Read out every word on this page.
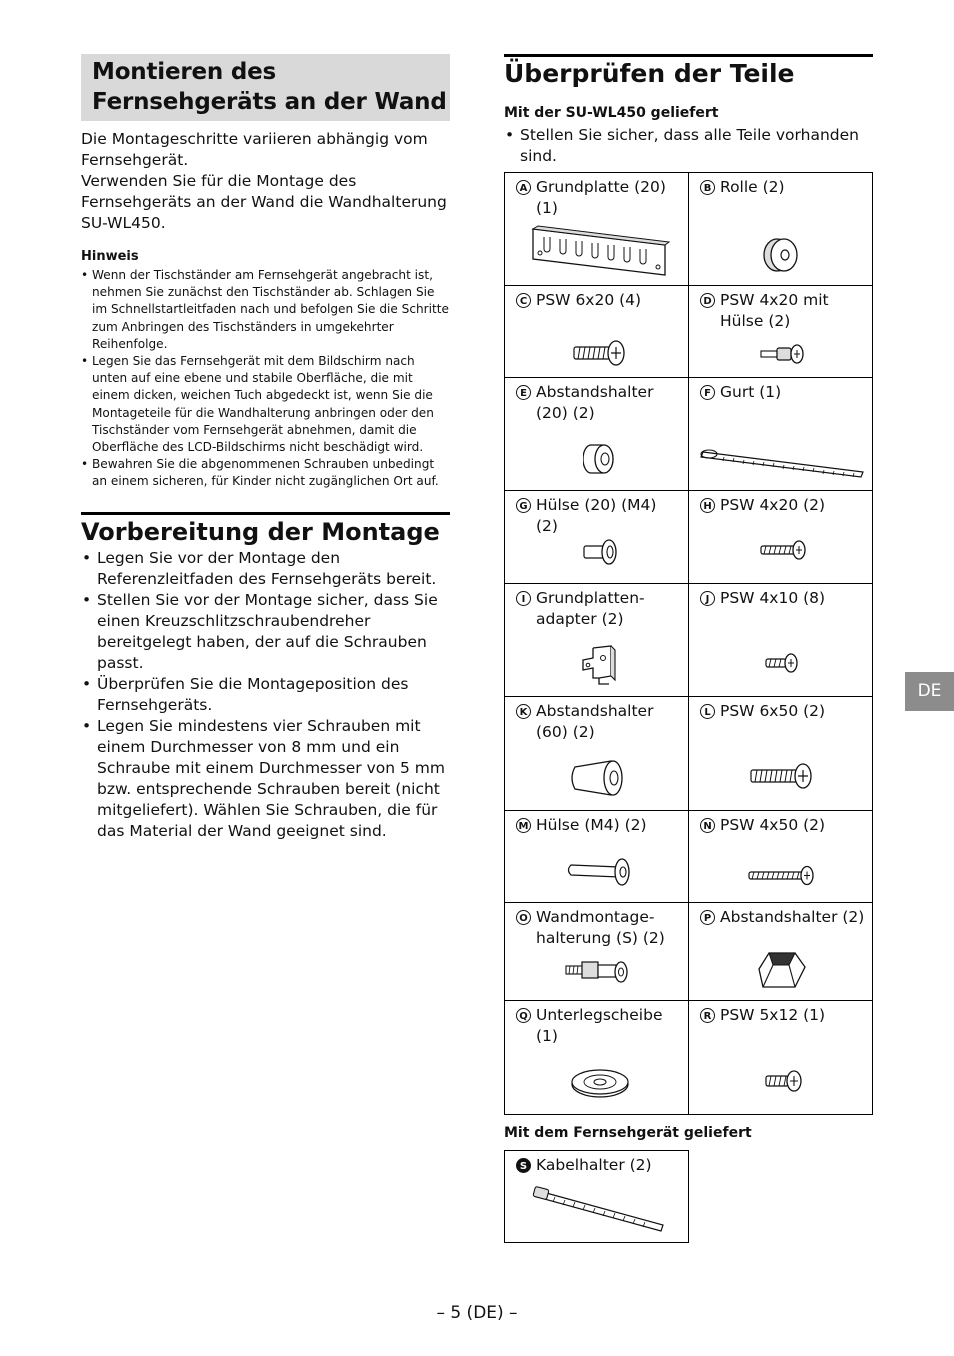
Montieren des Fernsehgeräts an der Wand

Die Montageschritte variieren abhängig vom Fernsehgerät.

Verwenden Sie für die Montage des Fernsehgeräts an der Wand die Wandhalterung SU-WL450.

Hinweis
• Wenn der Tischständer am Fernsehgerät angebracht ist, nehmen Sie zunächst den Tischständer ab. Schlagen Sie im Schnellstartleitfaden nach und befolgen Sie die Schritte zum Anbringen des Tischständers in umgekehrter Reihenfolge.
• Legen Sie das Fernsehgerät mit dem Bildschirm nach unten auf eine ebene und stabile Oberfläche, die mit einem dicken, weichen Tuch abgedeckt ist, wenn Sie die Montageteile für die Wandhalterung anbringen oder den Tischständer vom Fernsehgerät abnehmen, damit die Oberfläche des LCD-Bildschirms nicht beschädigt wird.
• Bewahren Sie die abgenommenen Schrauben unbedingt an einem sicheren, für Kinder nicht zugänglichen Ort auf.
Vorbereitung der Montage
• Legen Sie vor der Montage den Referenzleitfaden des Fernsehgeräts bereit.
• Stellen Sie vor der Montage sicher, dass Sie einen Kreuzschlitzschraubendreher bereitgelegt haben, der auf die Schrauben passt.
• Überprüfen Sie die Montageposition des Fernsehgeräts.
• Legen Sie mindestens vier Schrauben mit einem Durchmesser von 8 mm und ein Schraube mit einem Durchmesser von 5 mm bzw. entsprechende Schrauben bereit (nicht mitgeliefert). Wählen Sie Schrauben, die für das Material der Wand geeignet sind.
Überprüfen der Teile
Mit der SU-WL450 geliefert
• Stellen Sie sicher, dass alle Teile vorhanden sind.
A Grundplatte (20) (1)	B Rolle (2)

C PSW 6x20 (4)	D PSW 4x20 mit Hülse (2)

E Abstandshalter (20) (2)	F Gurt (1)

G Hülse (20) (M4) (2)	H PSW 4x20 (2)

I Grundplatten-adapter (2)	J PSW 4x10 (8)

K Abstandshalter (60) (2)	L PSW 6x50 (2)

M Hülse (M4) (2)	N PSW 4x50 (2)

O Wandmontage-halterung (S) (2)	P Abstandshalter (2)

Q Unterlegscheibe (1)	R PSW 5x12 (1)
Mit dem Fernsehgerät geliefert
S Kabelhalter (2)
DE
– 5 (DE) –
